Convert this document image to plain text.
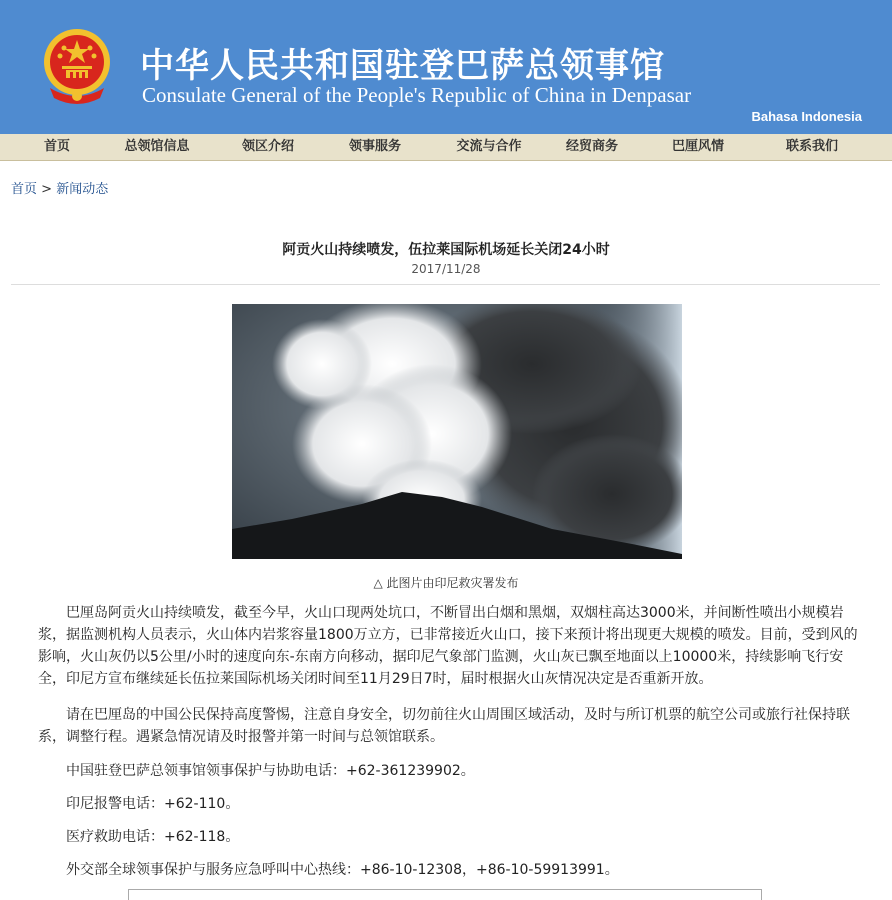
中华人民共和国驻登巴萨总领事馆
Consulate General of the People's Republic of China in Denpasar
Bahasa Indonesia
首页	总领馆信息	领区介绍	领事服务	交流与合作	经贸商务	巴厘风情	联系我们
首页 > 新闻动态
阿贡火山持续喷发，伍拉莱国际机场延长关闭24小时
2017/11/28
△ 此图片由印尼救灾署发布

巴厘岛阿贡火山持续喷发，截至今早，火山口现两处坑口，不断冒出白烟和黑烟，双烟柱高达3000米，并间断性喷出小规模岩浆，据监测机构人员表示，火山体内岩浆容量1800万立方，已非常接近火山口，接下来预计将出现更大规模的喷发。目前，受到风的影响，火山灰仍以5公里/小时的速度向东-东南方向移动，据印尼气象部门监测，火山灰已飘至地面以上10000米，持续影响飞行安全，印尼方宣布继续延长伍拉莱国际机场关闭时间至11月29日7时，届时根据火山灰情况决定是否重新开放。

请在巴厘岛的中国公民保持高度警惕，注意自身安全，切勿前往火山周围区域活动，及时与所订机票的航空公司或旅行社保持联系，调整行程。遇紧急情况请及时报警并第一时间与总领馆联系。

中国驻登巴萨总领事馆领事保护与协助电话：+62-361239902。
印尼报警电话：+62-110。
医疗救助电话：+62-118。
外交部全球领事保护与服务应急呼叫中心热线：+86-10-12308，+86-10-59913991。
